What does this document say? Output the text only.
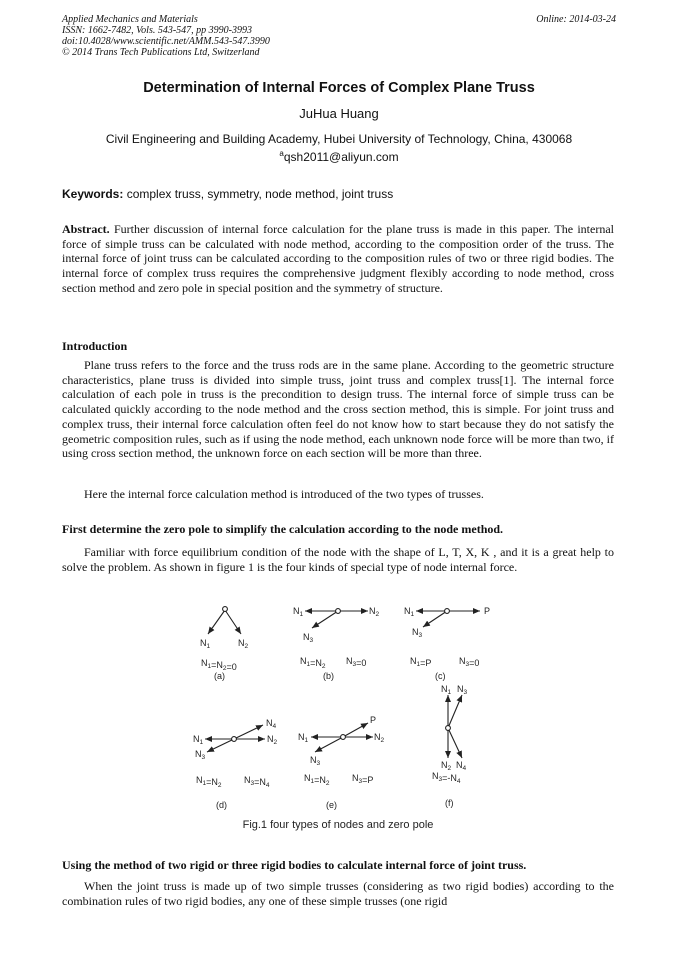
Applied Mechanics and Materials
ISSN: 1662-7482, Vols. 543-547, pp 3990-3993
doi:10.4028/www.scientific.net/AMM.543-547.3990
© 2014 Trans Tech Publications Ltd, Switzerland
Online: 2014-03-24
Determination of Internal Forces of Complex Plane Truss
JuHua Huang
Civil Engineering and Building Academy, Hubei University of Technology, China, 430068
$^a$qsh2011@aliyun.com
Keywords: complex truss, symmetry, node method, joint truss
Abstract. Further discussion of internal force calculation for the plane truss is made in this paper. The internal force of simple truss can be calculated with node method, according to the composition order of the truss. The internal force of joint truss can be calculated according to the composition rules of two or three rigid bodies. The internal force of complex truss requires the comprehensive judgment flexibly according to node method, cross section method and zero pole in special position and the symmetry of structure.
Introduction
Plane truss refers to the force and the truss rods are in the same plane. According to the geometric structure characteristics, plane truss is divided into simple truss, joint truss and complex truss[1]. The internal force calculation of each pole in truss is the precondition to design truss. The internal force of simple truss can be calculated quickly according to the node method and the cross section method, this is simple. For joint truss and complex truss, their internal force calculation often feel do not know how to start because they do not satisfy the geometric composition rules, such as if using the node method, each unknown node force will be more than two, if using cross section method, the unknown force on each section will be more than three.
Here the internal force calculation method is introduced of the two types of trusses.
First determine the zero pole to simplify the calculation according to the node method.
Familiar with force equilibrium condition of the node with the shape of L, T, X, K , and it is a great help to solve the problem. As shown in figure 1 is the four kinds of special type of node internal force.
$N_1$	$N_2$
$N_1=N_2=0$
(a)
$N_1$	$N_2$
$N_3$
$N_1=N_2$
$N_3=0$
(b)
$N_1$	P
$N_3$
$N_1=P$	$N_3=0$
(c)
$N_4$
$N_1$	$N_2$
$N_3$
$N_1=N_2$
$N_3=N_4$
(d)
P
$N_1$	$N_2$
$N_3$
$N_1=N_2$
$N_3=P$
(e)
$N_1$ $N_3$
$N_2$ $N_4$
$N_3=-N_4$
(f)
Fig.1 four types of nodes and zero pole
Using the method of two rigid or three rigid bodies to calculate internal force of joint truss.
When the joint truss is made up of two simple trusses (considering as two rigid bodies) according to the combination rules of two rigid bodies, any one of these simple trusses (one rigid
